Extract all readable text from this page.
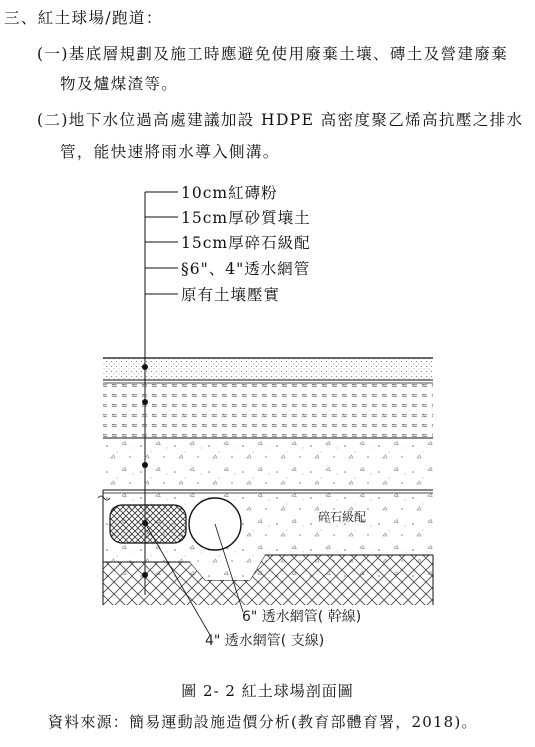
三、紅土球場/跑道：
(一)基底層規劃及施工時應避免使用廢棄土壤、磚土及營建廢棄
物及爐煤渣等。
(二)地下水位過高處建議加設 HDPE 高密度聚乙烯高抗壓之排水
管，能快速將雨水導入側溝。
10cm紅磚粉
15cm厚砂質壤土
15cm厚碎石級配
§6"、4"透水網管
原有土壤壓實
碎石級配
6" 透水網管( 幹線)
4" 透水網管( 支線)
圖 2- 2 紅土球場剖面圖
資料來源：簡易運動設施造價分析(教育部體育署，2018)。
